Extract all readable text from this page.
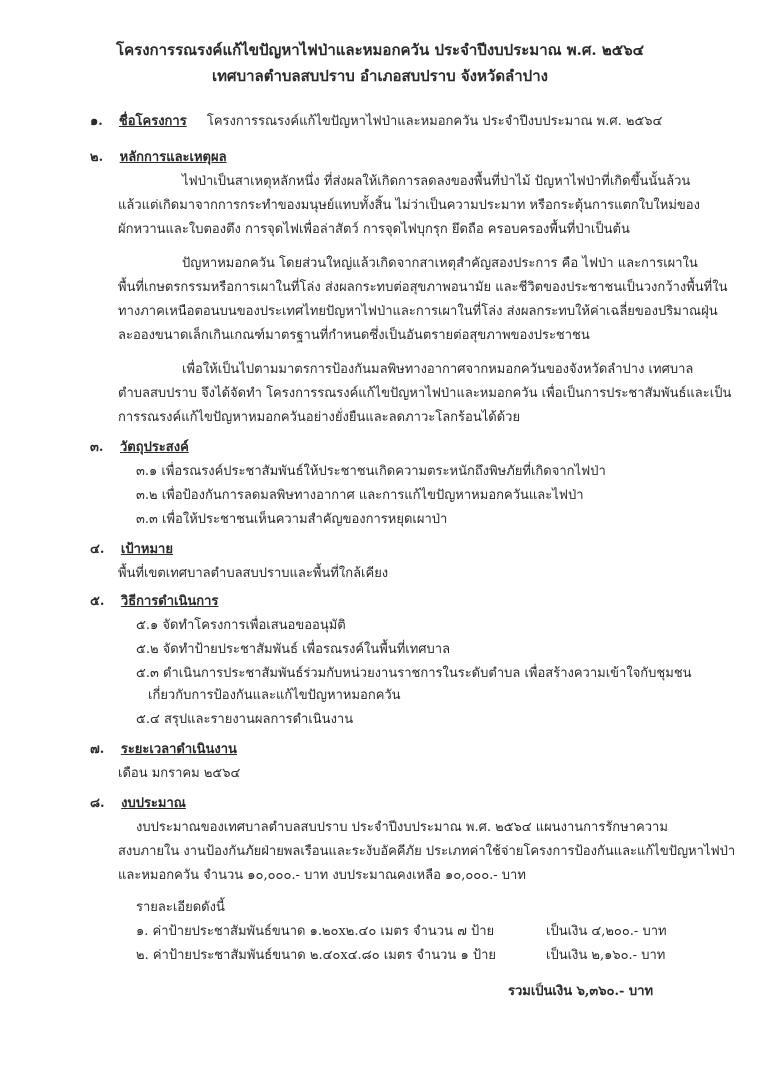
โครงการรณรงค์แก้ไขปัญหาไฟป่าและหมอกควัน ประจำปีงบประมาณ พ.ศ. ๒๕๖๔
เทศบาลตำบลสบปราบ อำเภอสบปราบ จังหวัดลำปาง
๑. ชื่อโครงการ โครงการรณรงค์แก้ไขปัญหาไฟป่าและหมอกควัน ประจำปีงบประมาณ พ.ศ. ๒๕๖๔
๒. หลักการและเหตุผล
ไฟป่าเป็นสาเหตุหลักหนึ่ง ที่ส่งผลให้เกิดการลดลงของพื้นที่ป่าไม้ ปัญหาไฟป่าที่เกิดขึ้นนั้นล้วน
แล้วแต่เกิดมาจากการกระทำของมนุษย์แทบทั้งสิ้น ไม่ว่าเป็นความประมาท หรือกระตุ้นการแตกใบใหม่ของ
ผักหวานและใบตองตึง การจุดไฟเพื่อล่าสัตว์ การจุดไฟบุกรุก ยึดถือ ครอบครองพื้นที่ป่าเป็นต้น
ปัญหาหมอกควัน โดยส่วนใหญ่แล้วเกิดจากสาเหตุสำคัญสองประการ คือ ไฟป่า และการเผาใน
พื้นที่เกษตรกรรมหรือการเผาในที่โล่ง ส่งผลกระทบต่อสุขภาพอนามัย และชีวิตของประชาชนเป็นวงกว้างพื้นที่ใน
ทางภาคเหนือตอนบนของประเทศไทยปัญหาไฟป่าและการเผาในที่โล่ง ส่งผลกระทบให้ค่าเฉลี่ยของปริมาณฝุ่น
ละอองขนาดเล็กเกินเกณฑ์มาตรฐานที่กำหนดซึ่งเป็นอันตรายต่อสุขภาพของประชาชน
เพื่อให้เป็นไปตามมาตรการป้องกันมลพิษทางอากาศจากหมอกควันของจังหวัดลำปาง เทศบาล
ตำบลสบปราบ จึงได้จัดทำ โครงการรณรงค์แก้ไขปัญหาไฟป่าและหมอกควัน เพื่อเป็นการประชาสัมพันธ์และเป็น
การรณรงค์แก้ไขปัญหาหมอกควันอย่างยั่งยืนและลดภาวะโลกร้อนได้ด้วย
๓. วัตถุประสงค์
๓.๑ เพื่อรณรงค์ประชาสัมพันธ์ให้ประชาชนเกิดความตระหนักถึงพิษภัยที่เกิดจากไฟป่า
๓.๒ เพื่อป้องกันการลดมลพิษทางอากาศ และการแก้ไขปัญหาหมอกควันและไฟป่า
๓.๓ เพื่อให้ประชาชนเห็นความสำคัญของการหยุดเผาป่า
๔. เป้าหมาย
พื้นที่เขตเทศบาลตำบลสบปราบและพื้นที่ใกล้เคียง
๕. วิธีการดำเนินการ
๕.๑ จัดทำโครงการเพื่อเสนอขออนุมัติ
๕.๒ จัดทำป้ายประชาสัมพันธ์ เพื่อรณรงค์ในพื้นที่เทศบาล
๕.๓ ดำเนินการประชาสัมพันธ์ร่วมกับหน่วยงานราชการในระดับตำบล เพื่อสร้างความเข้าใจกับชุมชน
เกี่ยวกับการป้องกันและแก้ไขปัญหาหมอกควัน
๕.๔ สรุปและรายงานผลการดำเนินงาน
๗. ระยะเวลาดำเนินงาน
เดือน มกราคม ๒๕๖๔
๘. งบประมาณ
งบประมาณของเทศบาลตำบลสบปราบ ประจำปีงบประมาณ พ.ศ. ๒๕๖๔ แผนงานการรักษาความ
สงบภายใน งานป้องกันภัยฝ่ายพลเรือนและระงับอัคคีภัย ประเภทค่าใช้จ่ายโครงการป้องกันและแก้ไขปัญหาไฟป่า
และหมอกควัน จำนวน ๑๐,๐๐๐.- บาท งบประมาณคงเหลือ ๑๐,๐๐๐.- บาท
รายละเอียดดังนี้
๑. ค่าป้ายประชาสัมพันธ์ขนาด ๑.๒๐x๒.๔๐ เมตร จำนวน ๗ ป้าย	เป็นเงิน ๔,๒๐๐.- บาท
๒. ค่าป้ายประชาสัมพันธ์ขนาด ๒.๔๐x๔.๘๐ เมตร จำนวน ๑ ป้าย	เป็นเงิน ๒,๑๖๐.- บาท
รวมเป็นเงิน ๖,๓๖๐.- บาท
